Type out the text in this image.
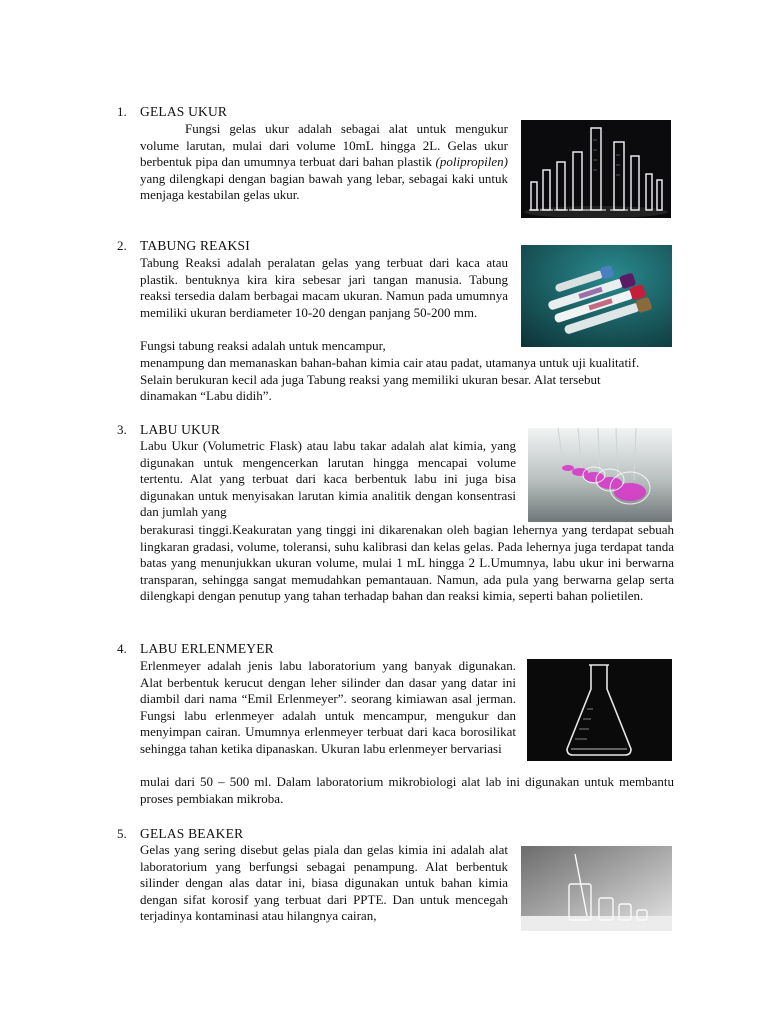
1. GELAS UKUR

Fungsi gelas ukur adalah sebagai alat untuk mengukur volume larutan, mulai dari volume 10mL hingga 2L. Gelas ukur berbentuk pipa dan umumnya terbuat dari bahan plastik (polipropilen) yang dilengkapi dengan bagian bawah yang lebar, sebagai kaki untuk menjaga kestabilan gelas ukur.

2. TABUNG REAKSI

Tabung Reaksi adalah peralatan gelas yang terbuat dari kaca atau plastik. bentuknya kira kira sebesar jari tangan manusia. Tabung reaksi tersedia dalam berbagai macam ukuran. Namun pada umumnya memiliki ukuran berdiameter 10-20 dengan panjang 50-200 mm.

Fungsi tabung reaksi adalah untuk mencampur,

menampung dan memanaskan bahan-bahan kimia cair atau padat, utamanya untuk uji kualitatif. Selain berukuran kecil ada juga Tabung reaksi yang memiliki ukuran besar. Alat tersebut dinamakan “Labu didih”.

3. LABU UKUR

Labu Ukur (Volumetric Flask) atau labu takar adalah alat kimia, yang digunakan untuk mengencerkan larutan hingga mencapai volume tertentu. Alat yang terbuat dari kaca berbentuk labu ini juga bisa digunakan untuk menyisakan larutan kimia analitik dengan konsentrasi dan jumlah yang

berakurasi tinggi.Keakuratan yang tinggi ini dikarenakan oleh bagian lehernya yang terdapat sebuah lingkaran gradasi, volume, toleransi, suhu kalibrasi dan kelas gelas. Pada lehernya juga terdapat tanda batas yang menunjukkan ukuran volume, mulai 1 mL hingga 2 L.Umumnya, labu ukur ini berwarna transparan, sehingga sangat memudahkan pemantauan. Namun, ada pula yang berwarna gelap serta dilengkapi dengan penutup yang tahan terhadap bahan dan reaksi kimia, seperti bahan polietilen.

4. LABU ERLENMEYER

Erlenmeyer adalah jenis labu laboratorium yang banyak digunakan. Alat berbentuk kerucut dengan leher silinder dan dasar yang datar ini diambil dari nama “Emil Erlenmeyer”. seorang kimiawan asal jerman. Fungsi labu erlenmeyer adalah untuk mencampur, mengukur dan menyimpan cairan. Umumnya erlenmeyer terbuat dari kaca borosilikat sehingga tahan ketika dipanaskan. Ukuran labu erlenmeyer bervariasi

mulai dari 50 – 500 ml. Dalam laboratorium mikrobiologi alat lab ini digunakan untuk membantu proses pembiakan mikroba.

5. GELAS BEAKER

Gelas yang sering disebut gelas piala dan gelas kimia ini adalah alat laboratorium yang berfungsi sebagai penampung. Alat berbentuk silinder dengan alas datar ini, biasa digunakan untuk bahan kimia dengan sifat korosif yang terbuat dari PPTE. Dan untuk mencegah terjadinya kontaminasi atau hilangnya cairan,
